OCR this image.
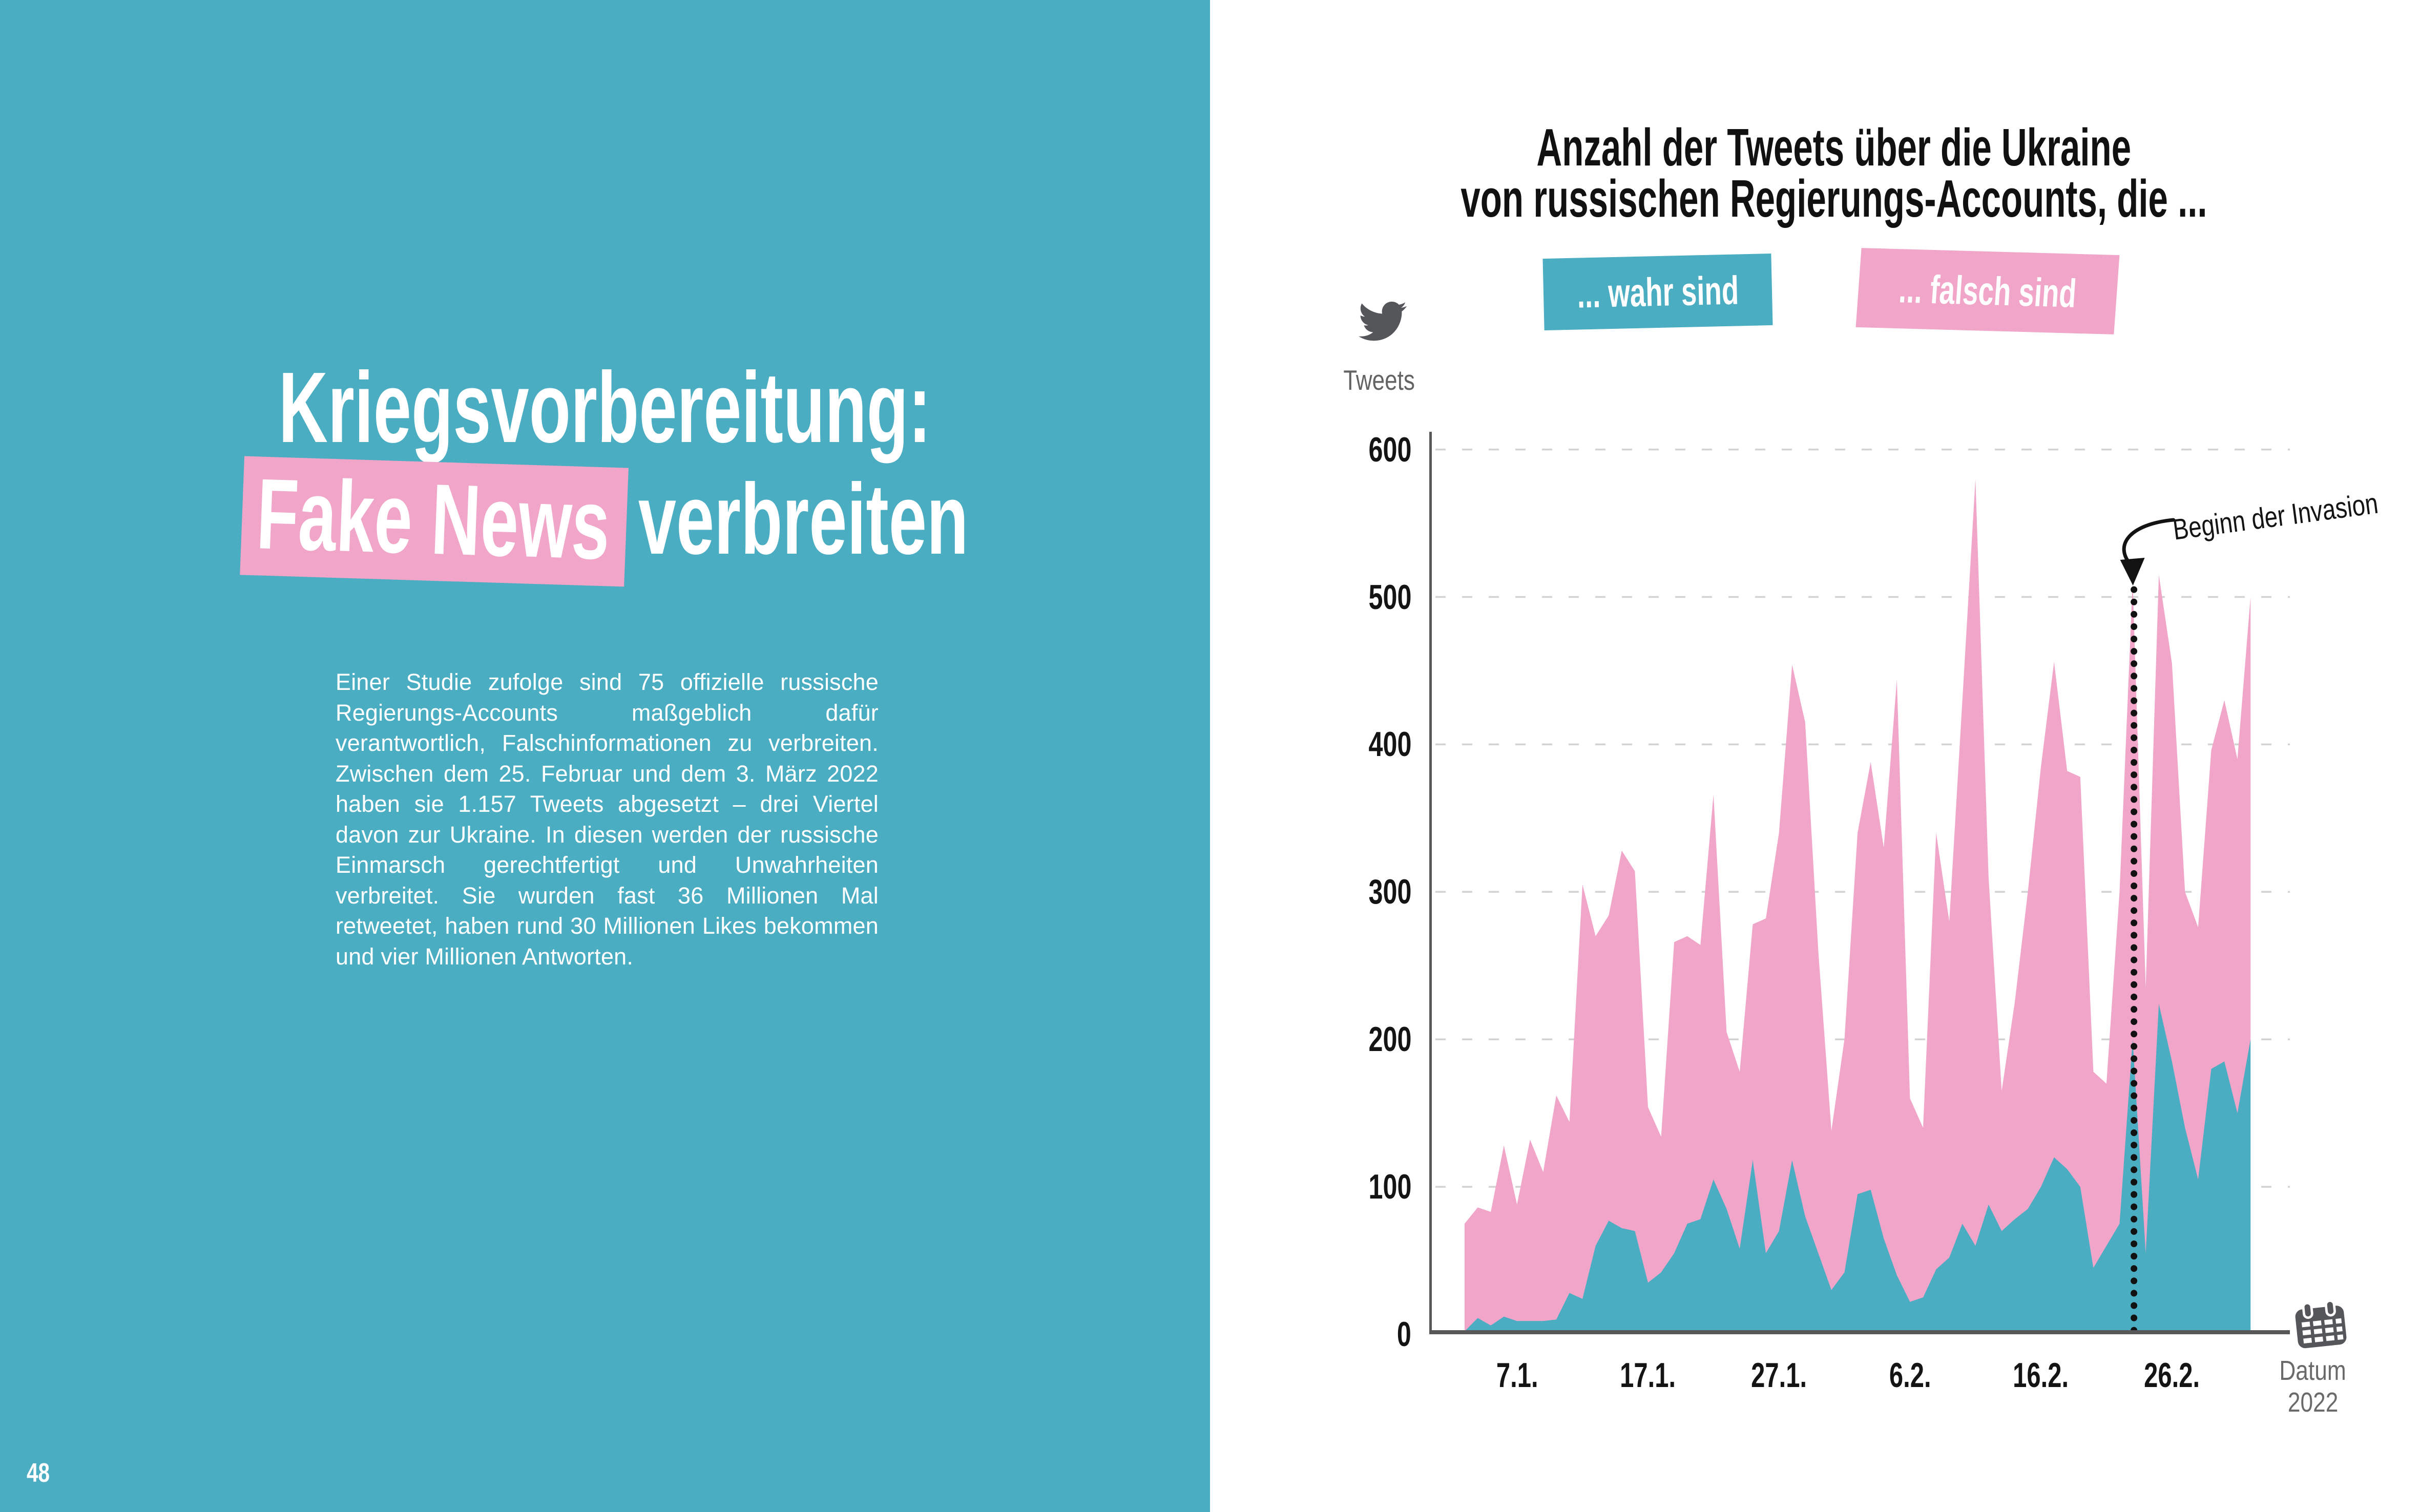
Kriegsvorbereitung:
Fake News verbreiten
Einer Studie zufolge sind 75 offizielle russische Regierungs-Accounts maßgeblich dafür verantwortlich, Falschinformationen zu verbreiten. Zwischen dem 25. Februar und dem 3. März 2022 haben sie 1.157 Tweets abgesetzt – drei Viertel davon zur Ukraine. In diesen werden der russische Einmarsch gerechtfertigt und Unwahrheiten verbreitet. Sie wurden fast 36 Millionen Mal retweetet, haben rund 30 Millionen Likes bekommen und vier Millionen Antworten.
48
Anzahl der Tweets über die Ukraine
von russischen Regierungs-Accounts, die ...
... wahr sind	... falsch sind
Tweets
0
100
200
300
400
500
600
7.1.	17.1.	27.1.	6.2.	16.2.	26.2.
Beginn der Invasion
Datum
2022
